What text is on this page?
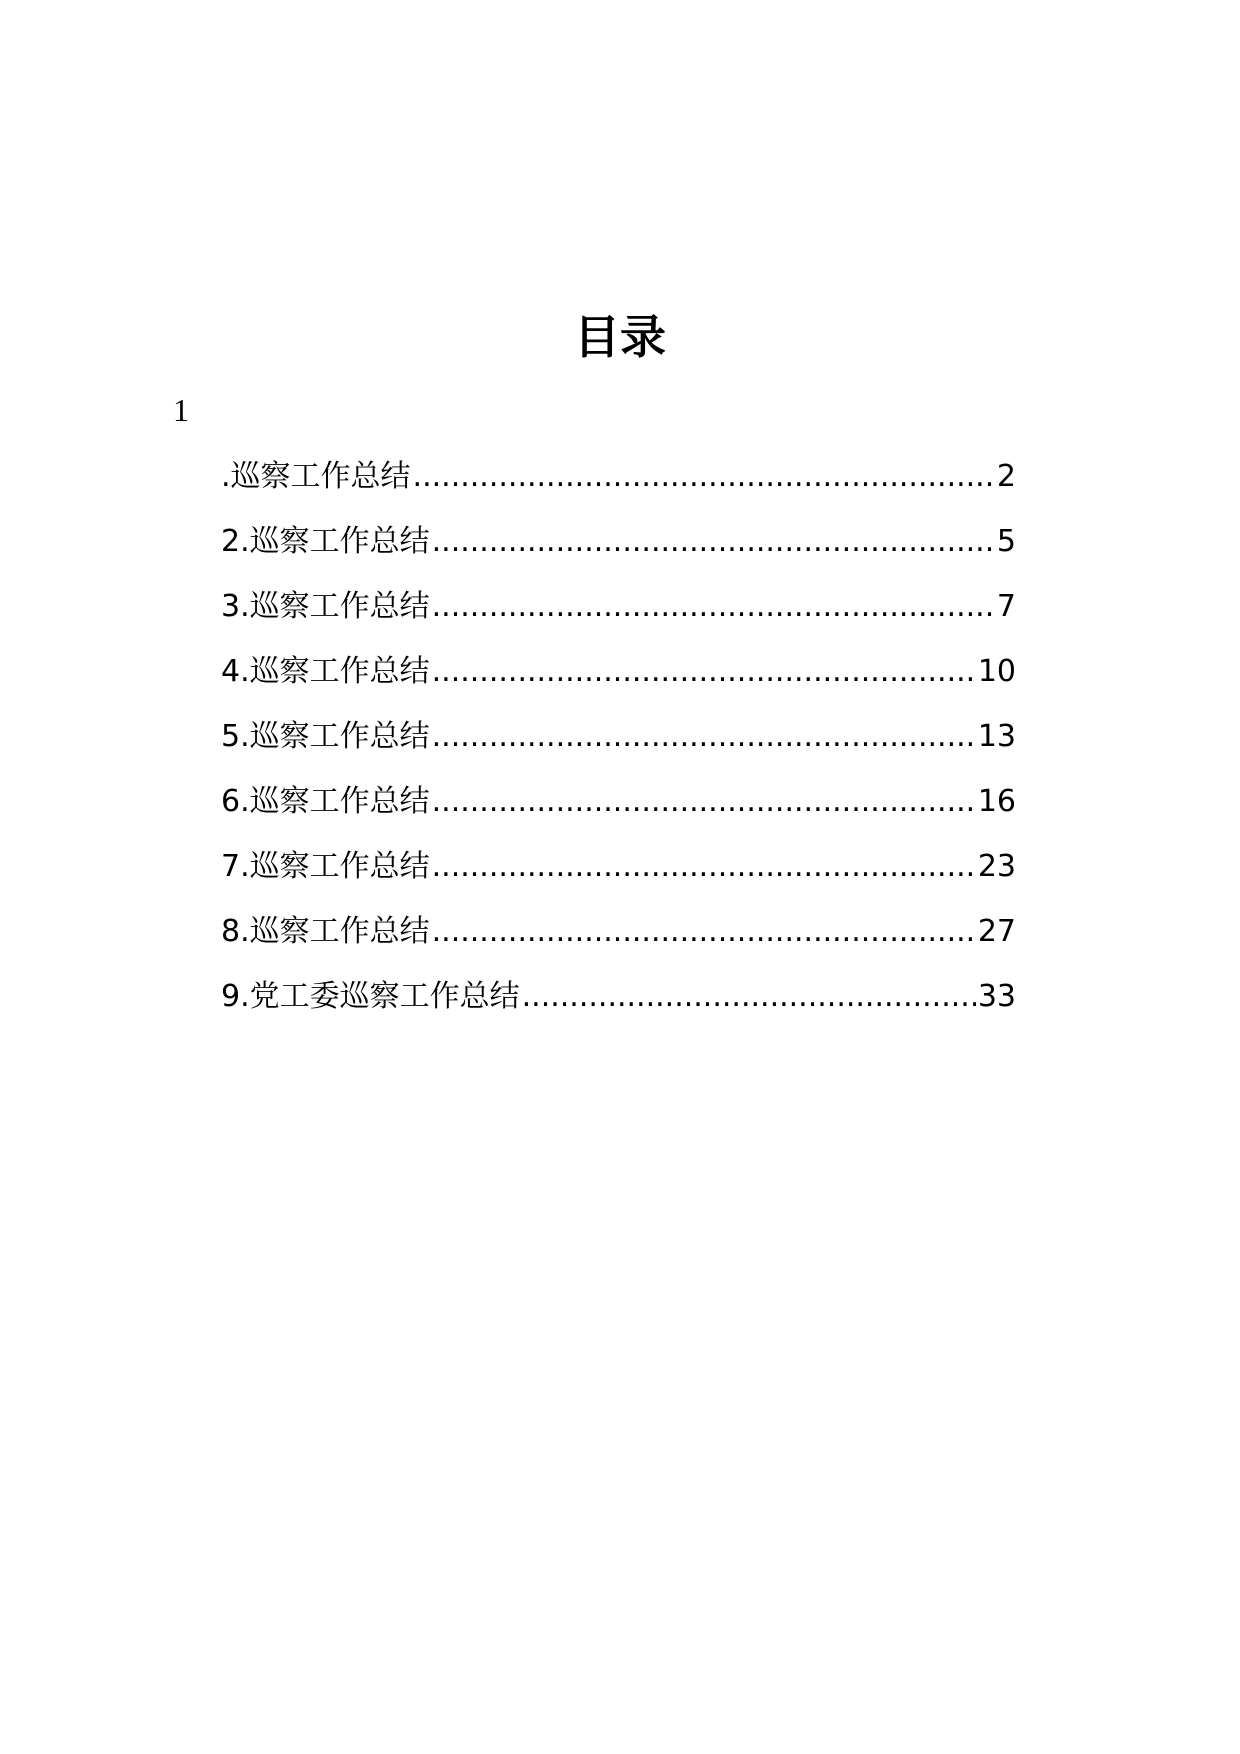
目录
1
.巡察工作总结 .....	2
2.巡察工作总结 .....	5
3.巡察工作总结 .....	7
4.巡察工作总结 .....	10
5.巡察工作总结 .....	13
6.巡察工作总结 .....	16
7.巡察工作总结 .....	23
8.巡察工作总结 .....	27
9.党工委巡察工作总结 .....	33
